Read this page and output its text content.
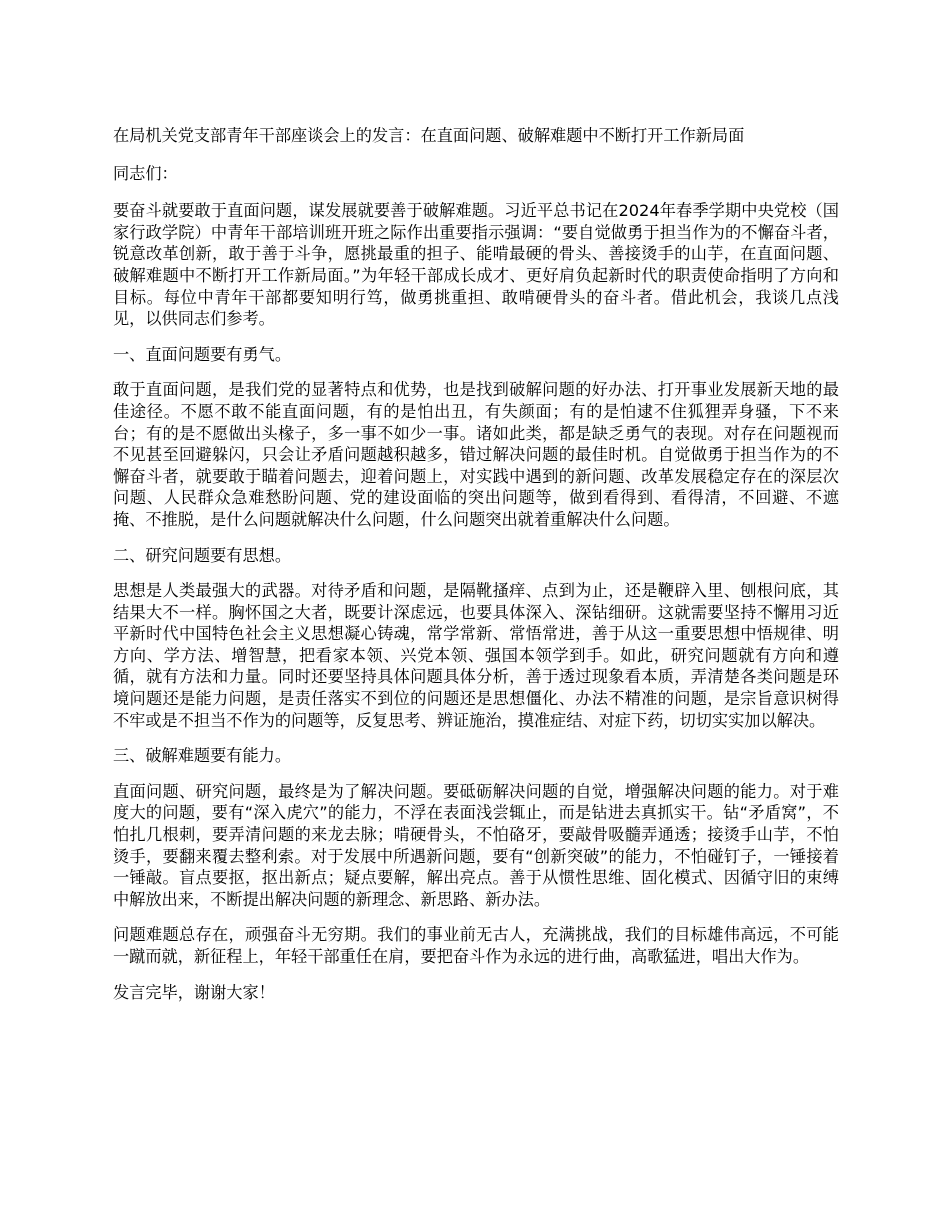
在局机关党支部青年干部座谈会上的发言：在直面问题、破解难题中不断打开工作新局面

同志们：

要奋斗就要敢于直面问题，谋发展就要善于破解难题。习近平总书记在2024年春季学期中央党校（国家行政学院）中青年干部培训班开班之际作出重要指示强调：“要自觉做勇于担当作为的不懈奋斗者，锐意改革创新，敢于善于斗争，愿挑最重的担子、能啃最硬的骨头、善接烫手的山芋，在直面问题、破解难题中不断打开工作新局面。”为年轻干部成长成才、更好肩负起新时代的职责使命指明了方向和目标。每位中青年干部都要知明行笃，做勇挑重担、敢啃硬骨头的奋斗者。借此机会，我谈几点浅见，以供同志们参考。

一、直面问题要有勇气。

敢于直面问题，是我们党的显著特点和优势，也是找到破解问题的好办法、打开事业发展新天地的最佳途径。不愿不敢不能直面问题，有的是怕出丑，有失颜面；有的是怕逮不住狐狸弄身骚，下不来台；有的是不愿做出头椽子，多一事不如少一事。诸如此类，都是缺乏勇气的表现。对存在问题视而不见甚至回避躲闪，只会让矛盾问题越积越多，错过解决问题的最佳时机。自觉做勇于担当作为的不懈奋斗者，就要敢于瞄着问题去，迎着问题上，对实践中遇到的新问题、改革发展稳定存在的深层次问题、人民群众急难愁盼问题、党的建设面临的突出问题等，做到看得到、看得清，不回避、不遮掩、不推脱，是什么问题就解决什么问题，什么问题突出就着重解决什么问题。

二、研究问题要有思想。

思想是人类最强大的武器。对待矛盾和问题，是隔靴搔痒、点到为止，还是鞭辟入里、刨根问底，其结果大不一样。胸怀国之大者，既要计深虑远，也要具体深入、深钻细研。这就需要坚持不懈用习近平新时代中国特色社会主义思想凝心铸魂，常学常新、常悟常进，善于从这一重要思想中悟规律、明方向、学方法、增智慧，把看家本领、兴党本领、强国本领学到手。如此，研究问题就有方向和遵循，就有方法和力量。同时还要坚持具体问题具体分析，善于透过现象看本质，弄清楚各类问题是环境问题还是能力问题，是责任落实不到位的问题还是思想僵化、办法不精准的问题，是宗旨意识树得不牢或是不担当不作为的问题等，反复思考、辨证施治，摸准症结、对症下药，切切实实加以解决。

三、破解难题要有能力。

直面问题、研究问题，最终是为了解决问题。要砥砺解决问题的自觉，增强解决问题的能力。对于难度大的问题，要有“深入虎穴”的能力，不浮在表面浅尝辄止，而是钻进去真抓实干。钻“矛盾窝”，不怕扎几根刺，要弄清问题的来龙去脉；啃硬骨头，不怕硌牙，要敲骨吸髓弄通透；接烫手山芋，不怕烫手，要翻来覆去整利索。对于发展中所遇新问题，要有“创新突破”的能力，不怕碰钉子，一锤接着一锤敲。盲点要抠，抠出新点；疑点要解，解出亮点。善于从惯性思维、固化模式、因循守旧的束缚中解放出来，不断提出解决问题的新理念、新思路、新办法。

问题难题总存在，顽强奋斗无穷期。我们的事业前无古人，充满挑战，我们的目标雄伟高远，不可能一蹴而就，新征程上，年轻干部重任在肩，要把奋斗作为永远的进行曲，高歌猛进，唱出大作为。

发言完毕，谢谢大家！
